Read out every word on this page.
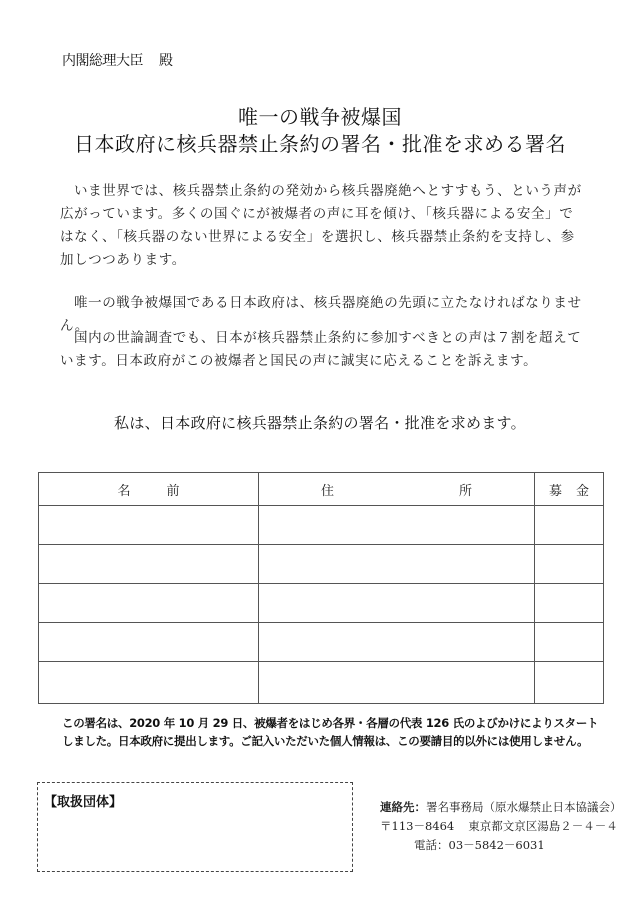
内閣総理大臣 殿
唯一の戦争被爆国
日本政府に核兵器禁止条約の署名・批准を求める署名

いま世界では、核兵器禁止条約の発効から核兵器廃絶へとすすもう、という声が広がっています。多くの国ぐにが被爆者の声に耳を傾け、「核兵器による安全」ではなく、「核兵器のない世界による安全」を選択し、核兵器禁止条約を支持し、参加しつつあります。

唯一の戦争被爆国である日本政府は、核兵器廃絶の先頭に立たなければなりません。

国内の世論調査でも、日本が核兵器禁止条約に参加すべきとの声は７割を超えています。日本政府がこの被爆者と国民の声に誠実に応えることを訴えます。

私は、日本政府に核兵器禁止条約の署名・批准を求めます。
名 前	住 所	募 金

この署名は、2020 年 10 月 29 日、被爆者をはじめ各界・各層の代表 126 氏のよびかけによりスタート
しました。日本政府に提出します。ご記入いただいた個人情報は、この要請目的以外には使用しません。
【取扱団体】	連絡先：署名事務局（原水爆禁止日本協議会）
〒113－8464 東京都文京区湯島２－４－４
電話：03－5842－6031
